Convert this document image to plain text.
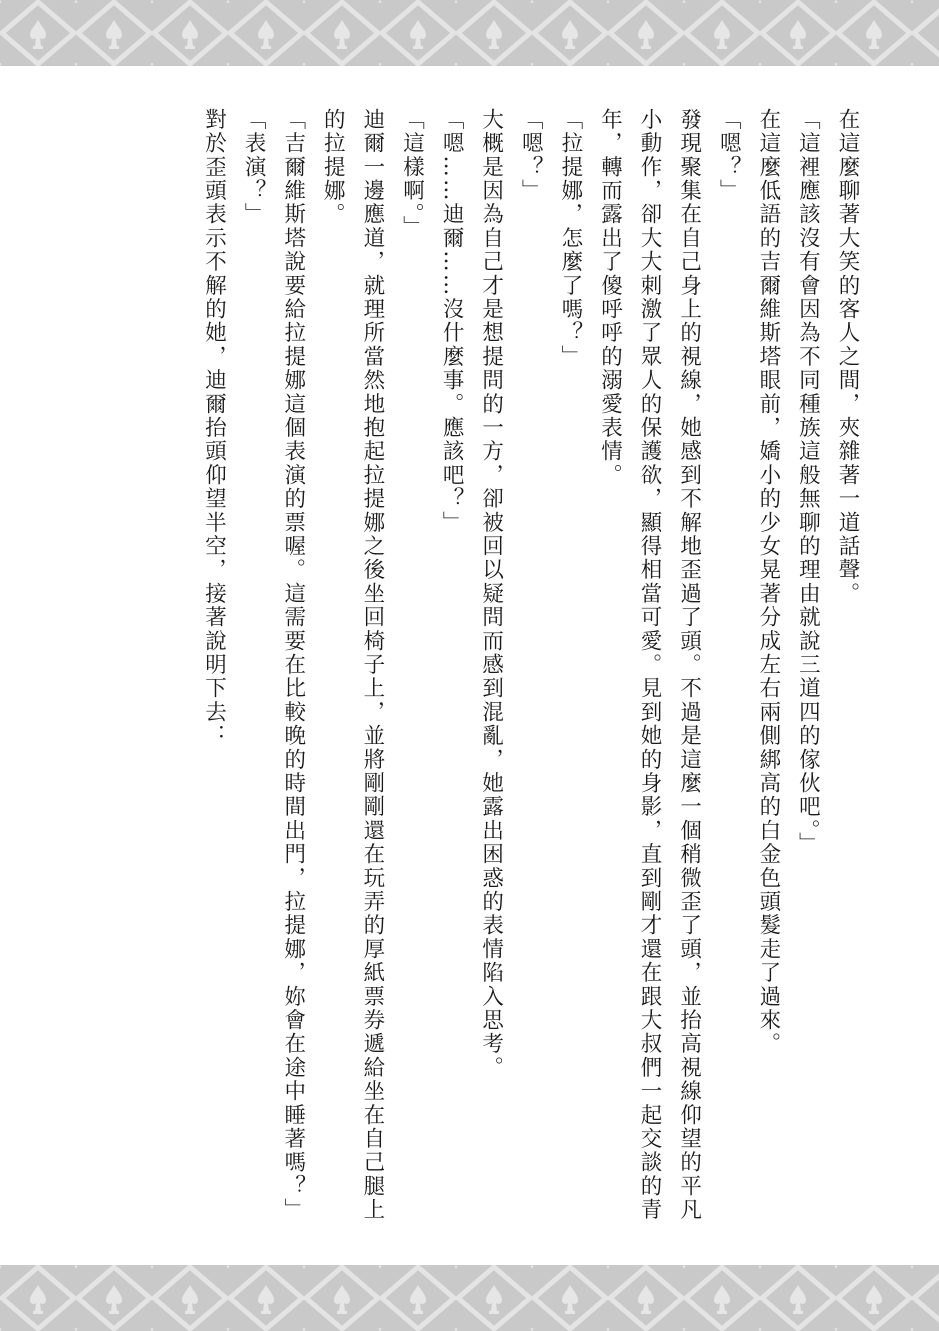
在這麼聊著大笑的客人之間，夾雜著一道話聲。

「這裡應該沒有會因為不同種族這般無聊的理由就說三道四的傢伙吧。」

在這麼低語的吉爾維斯塔眼前，嬌小的少女晃著分成左右兩側綁高的白金色頭髮走了過來。

「嗯？」

發現聚集在自己身上的視線，她感到不解地歪過了頭。不過是這麼一個稍微歪了頭，並抬高視線仰望的平凡小動作，卻大大刺激了眾人的保護欲，顯得相當可愛。見到她的身影，直到剛才還在跟大叔們一起交談的青年，轉而露出了傻呼呼的溺愛表情。

「拉提娜，怎麼了嗎？」

「嗯？」

大概是因為自己才是想提問的一方，卻被回以疑問而感到混亂，她露出困惑的表情陷入思考。

「嗯……迪爾……沒什麼事。應該吧？」

「這樣啊。」

迪爾一邊應道，就理所當然地抱起拉提娜之後坐回椅子上，並將剛剛還在玩弄的厚紙票券遞給坐在自己腿上的拉提娜。

「吉爾維斯塔說要給拉提娜這個表演的票喔。這需要在比較晚的時間出門，拉提娜，妳會在途中睡著嗎？」

「表演？」

對於歪頭表示不解的她，迪爾抬頭仰望半空，接著說明下去：
